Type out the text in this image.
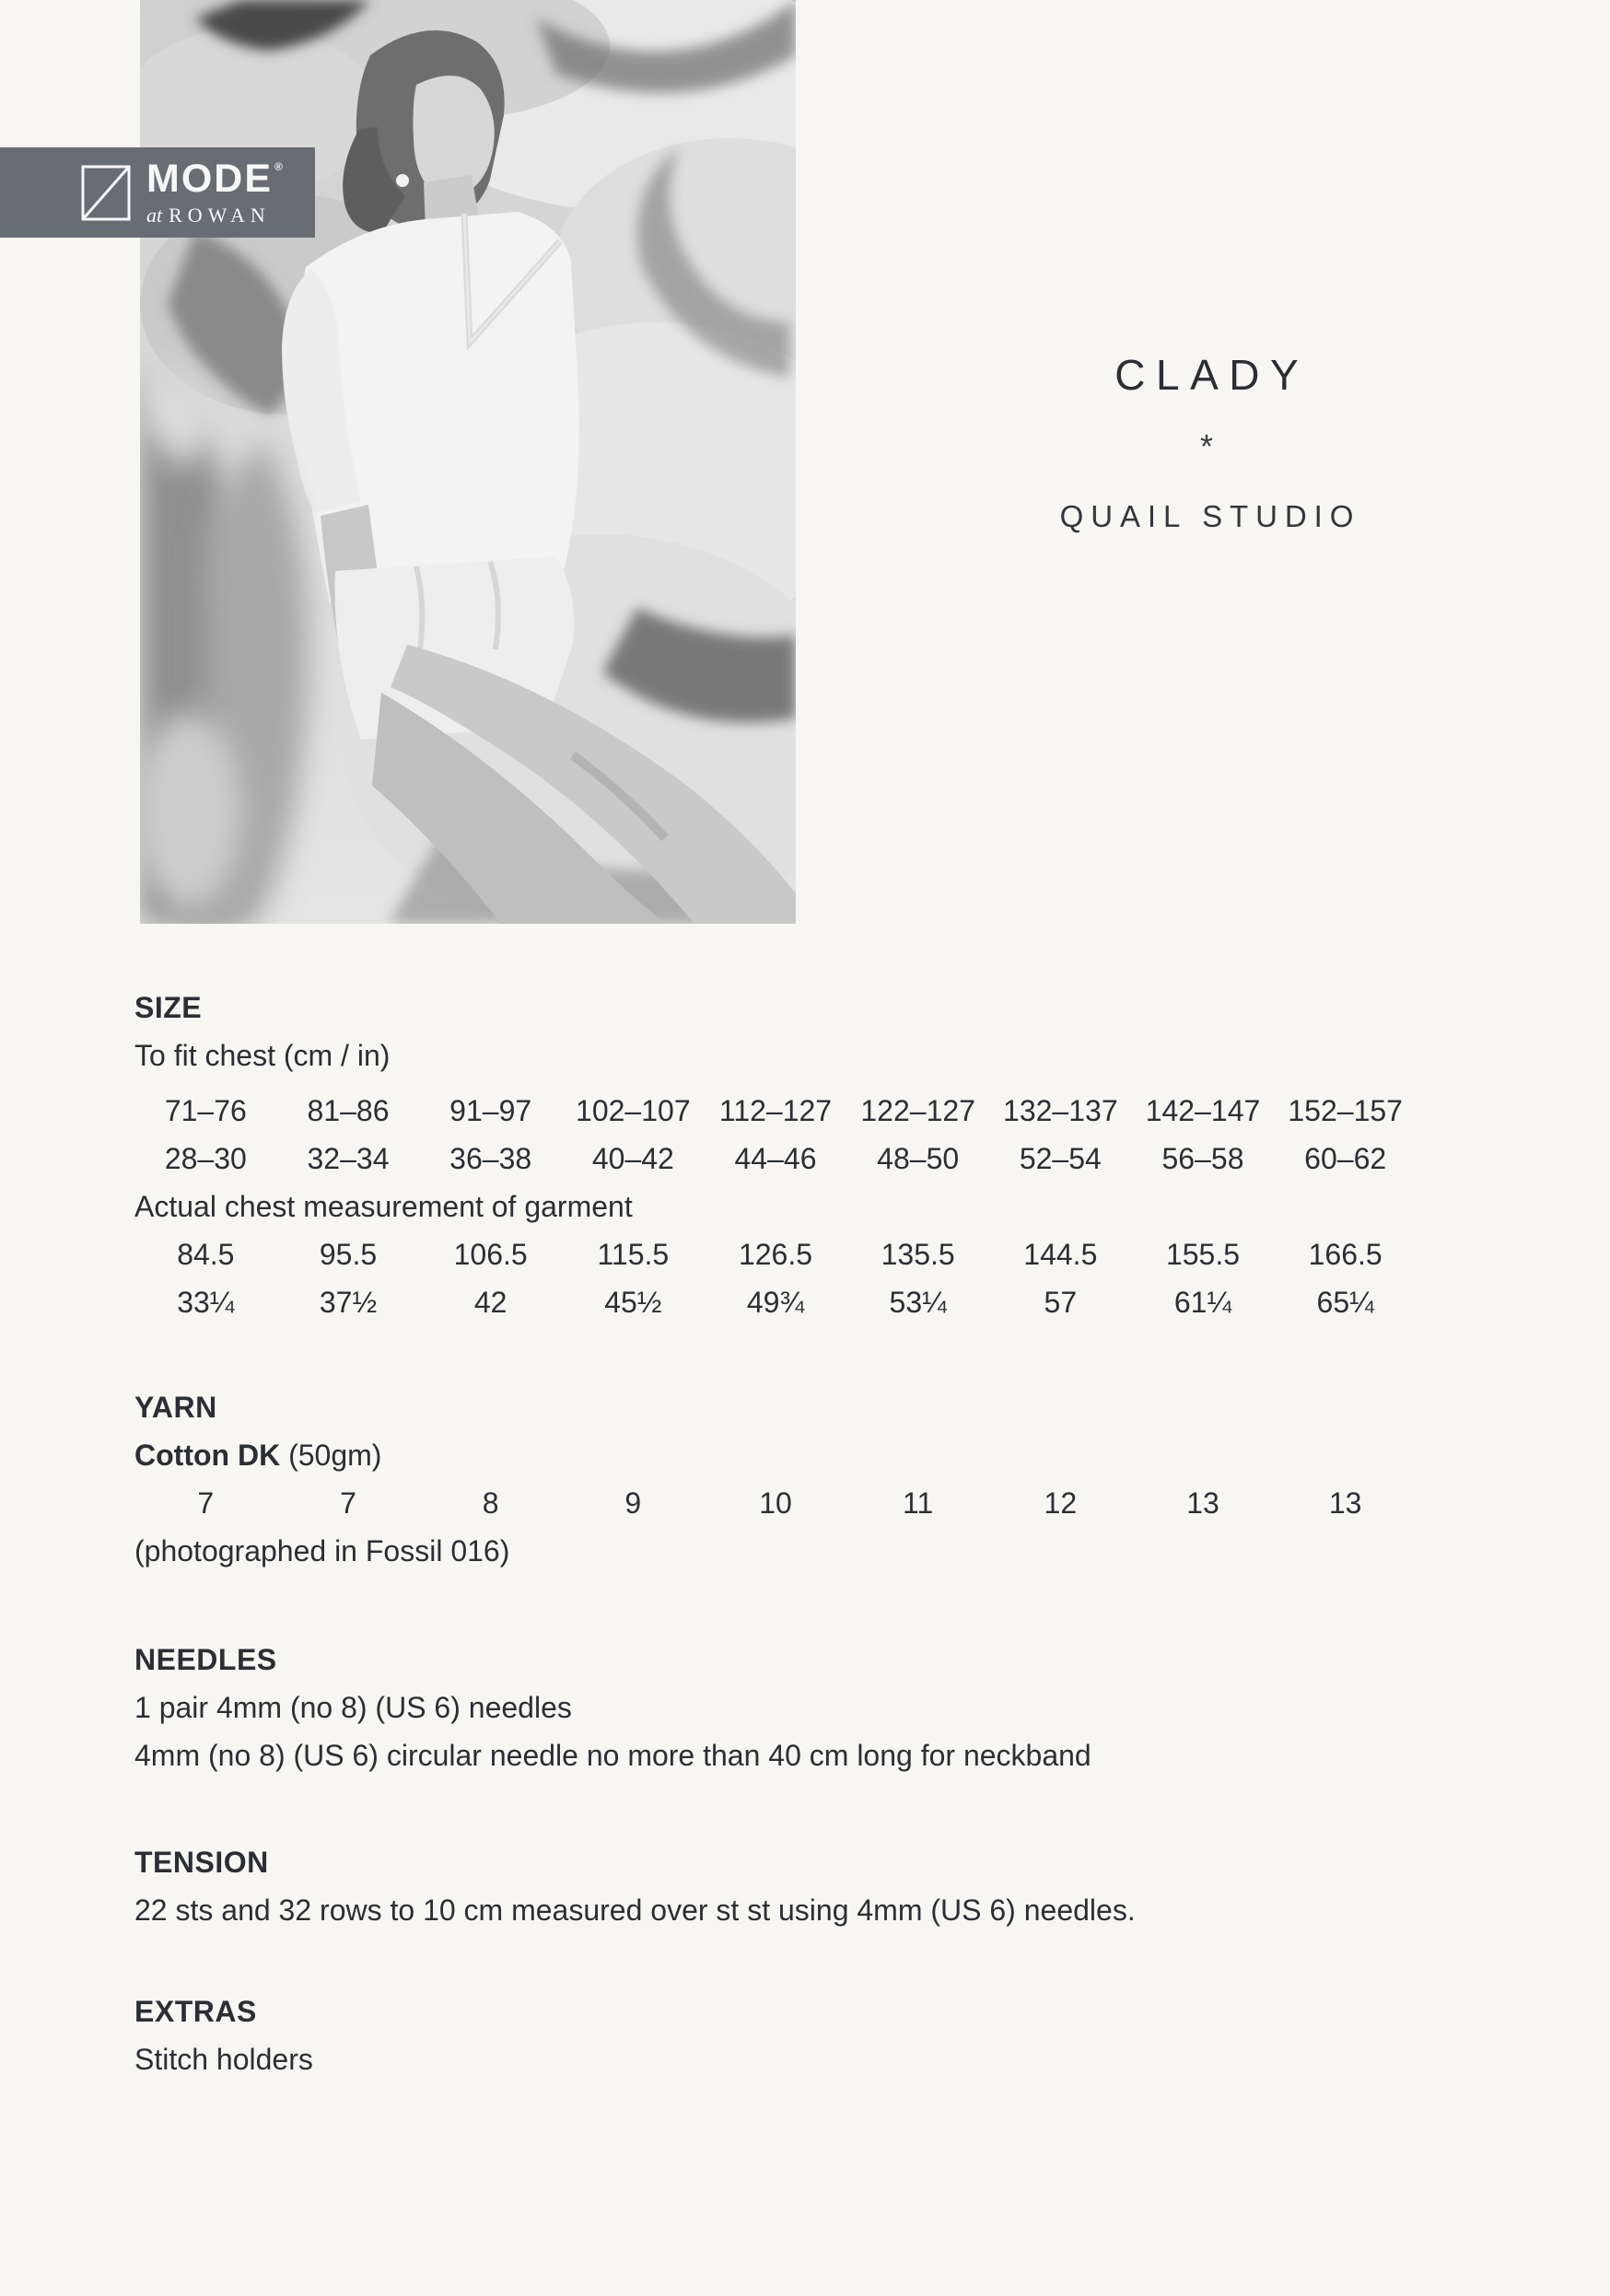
MODE®
at ROWAN
CLADY
*
QUAIL STUDIO
SIZE

To fit chest (cm / in)

71–76	81–86	91–97	102–107 112–127 122–127 132–137 142–147 152–157
28–30	32–34	36–38	40–42	44–46	48–50	52–54	56–58	60–62

Actual chest measurement of garment

84.5	95.5	106.5	115.5	126.5	135.5	144.5	155.5	166.5
33¼	37½	42	45½	49¾	53¼	57	61¼	65¼
YARN

Cotton DK (50gm)

7	7	8	9	10	11	12	13	13

(photographed in Fossil 016)

NEEDLES

1 pair 4mm (no 8) (US 6) needles

4mm (no 8) (US 6) circular needle no more than 40 cm long for neckband

TENSION

22 sts and 32 rows to 10 cm measured over st st using 4mm (US 6) needles.

EXTRAS

Stitch holders
